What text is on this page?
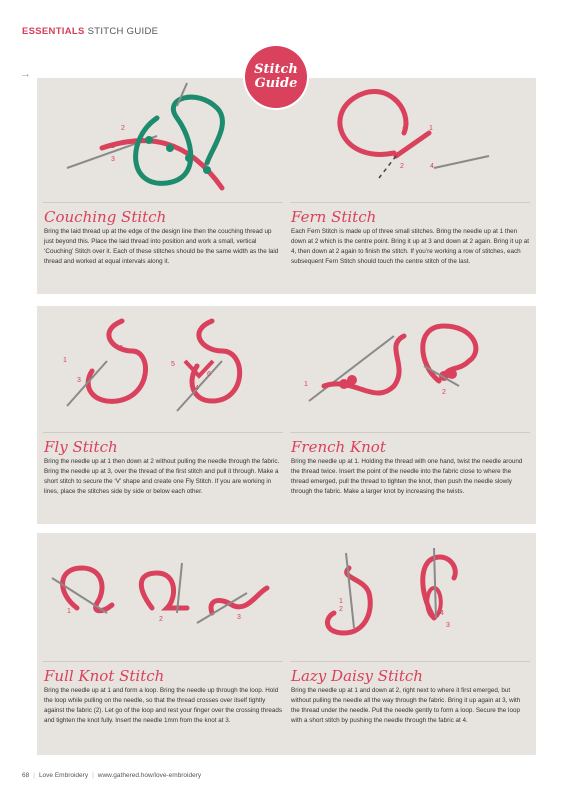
ESSENTIALS STITCH GUIDE
→	Stitch
Guide
1
2
3
Couching Stitch

Bring the laid thread up at the edge of the design line then the couching thread up just beyond this. Place the laid thread into position and work a small, vertical ‘Couching’ Stitch over it. Each of these stitches should be the same width as the laid thread and worked at equal intervals along it.

1
2
3
4
Fern Stitch

Each Fern Stitch is made up of three small stitches. Bring the needle up at 1 then down at 2 which is the centre point. Bring it up at 3 and down at 2 again. Bring it up at 4, then down at 2 again to finish the stitch. If you’re working a row of stitches, each subsequent Fern Stitch should touch the centre stitch of the last.

1
2
3
4
5
6
Fly Stitch

Bring the needle up at 1 then down at 2 without pulling the needle through the fabric. Bring the needle up at 3, over the thread of the first stitch and pull it through. Make a short stitch to secure the ‘V’ shape and create one Fly Stitch. If you are working in lines, place the stitches side by side or below each other.

1
2
French Knot

Bring the needle up at 1. Holding the thread with one hand, twist the needle around the thread twice. Insert the point of the needle into the fabric close to where the thread emerged, pull the thread to tighten the knot, then push the needle slowly through the fabric. Make a larger knot by increasing the twists.

1
2	3
Full Knot Stitch

Bring the needle up at 1 and form a loop. Bring the needle up through the loop. Hold the loop while pulling on the needle, so that the thread crosses over itself tightly against the fabric (2). Let go of the loop and rest your finger over the crossing threads and tighten the knot fully. Insert the needle 1mm from the knot at 3.

1
2
3
4
Lazy Daisy Stitch

Bring the needle up at 1 and down at 2, right next to where it first emerged, but without pulling the needle all the way through the fabric. Bring it up again at 3, with the thread under the needle. Pull the needle gently to form a loop. Secure the loop with a short stitch by pushing the needle through the fabric at 4.

68 | Love Embroidery | www.gathered.how/love-embroidery
